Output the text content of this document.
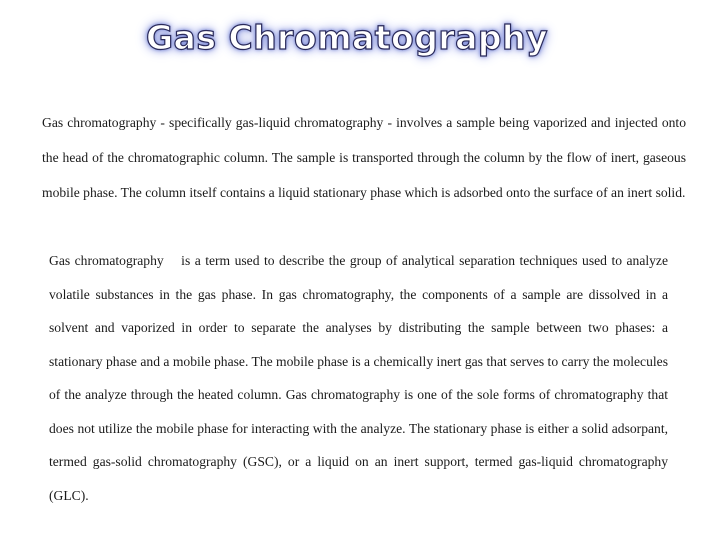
Gas Chromatography

Gas chromatography - specifically gas-liquid chromatography - involves a sample being vaporized and injected onto the head of the chromatographic column. The sample is transported through the column by the flow of inert, gaseous mobile phase. The column itself contains a liquid stationary phase which is adsorbed onto the surface of an inert solid.

Gas chromatography is a term used to describe the group of analytical separation techniques used to analyze volatile substances in the gas phase. In gas chromatography, the components of a sample are dissolved in a solvent and vaporized in order to separate the analyses by distributing the sample between two phases: a stationary phase and a mobile phase. The mobile phase is a chemically inert gas that serves to carry the molecules of the analyze through the heated column. Gas chromatography is one of the sole forms of chromatography that does not utilize the mobile phase for interacting with the analyze. The stationary phase is either a solid adsorpant, termed gas-solid chromatography (GSC), or a liquid on an inert support, termed gas-liquid chromatography (GLC).
